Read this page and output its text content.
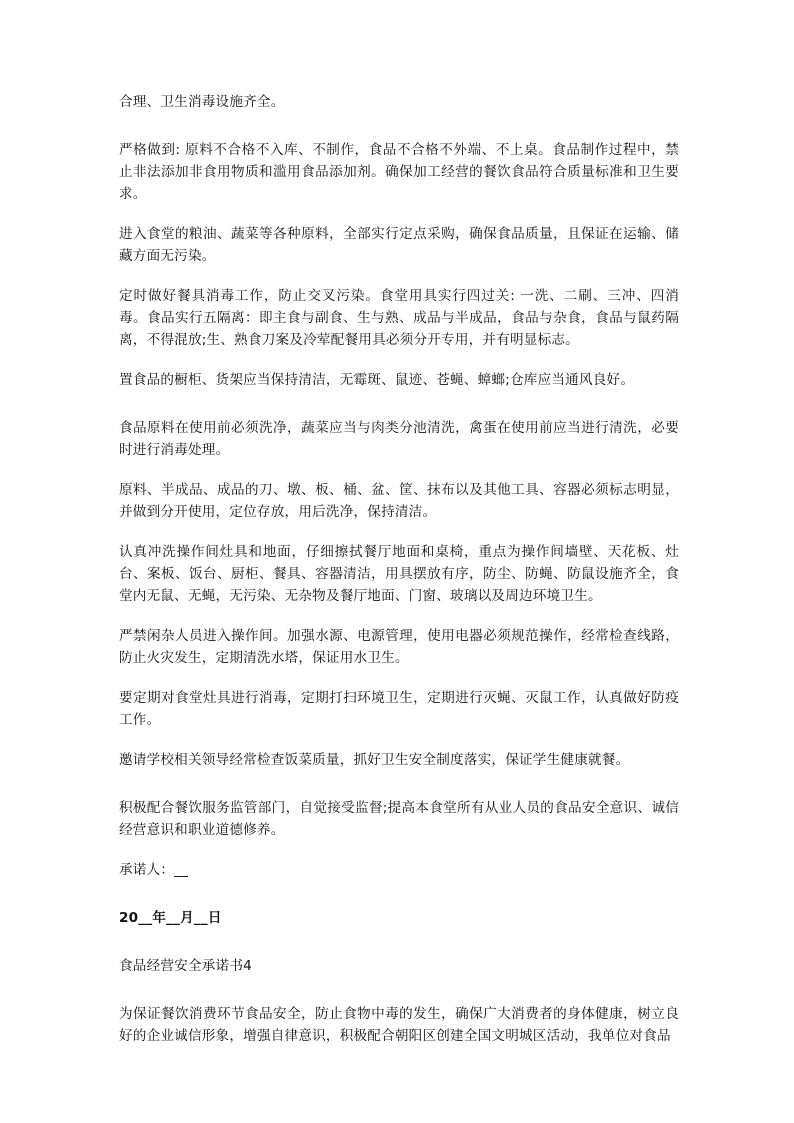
合理、卫生消毒设施齐全。

严格做到: 原料不合格不入库、不制作，食品不合格不外端、不上桌。食品制作过程中，禁止非法添加非食用物质和滥用食品添加剂。确保加工经营的餐饮食品符合质量标准和卫生要求。

进入食堂的粮油、蔬菜等各种原料，全部实行定点采购，确保食品质量，且保证在运输、储藏方面无污染。

定时做好餐具消毒工作，防止交叉污染。食堂用具实行四过关: 一洗、二刷、三冲、四消毒。食品实行五隔离：即主食与副食、生与熟、成品与半成品，食品与杂食，食品与鼠药隔离，不得混放;生、熟食刀案及冷荤配餐用具必须分开专用，并有明显标志。

置食品的橱柜、货架应当保持清洁，无霉斑、鼠迹、苍蝇、蟑螂;仓库应当通风良好。

食品原料在使用前必须洗净，蔬菜应当与肉类分池清洗，禽蛋在使用前应当进行清洗，必要时进行消毒处理。

原料、半成品、成品的刀、墩、板、桶、盆、筐、抹布以及其他工具、容器必须标志明显，并做到分开使用，定位存放，用后洗净，保持清洁。

认真冲洗操作间灶具和地面，仔细擦拭餐厅地面和桌椅，重点为操作间墙壁、天花板、灶台、案板、饭台、厨柜、餐具、容器清洁，用具摆放有序，防尘、防蝇、防鼠设施齐全，食堂内无鼠、无蝇，无污染、无杂物及餐厅地面、门窗、玻璃以及周边环境卫生。

严禁闲杂人员进入操作间。加强水源、电源管理，使用电器必须规范操作，经常检查线路，防止火灾发生，定期清洗水塔，保证用水卫生。

要定期对食堂灶具进行消毒，定期打扫环境卫生，定期进行灭蝇、灭鼠工作，认真做好防疫工作。

邀请学校相关领导经常检查饭菜质量，抓好卫生安全制度落实，保证学生健康就餐。

积极配合餐饮服务监管部门，自觉接受监督;提高本食堂所有从业人员的食品安全意识、诚信经营意识和职业道德修养。

承诺人：__

20__年__月__日

食品经营安全承诺书4

为保证餐饮消费环节食品安全，防止食物中毒的发生，确保广大消费者的身体健康，树立良好的企业诚信形象，增强自律意识，积极配合朝阳区创建全国文明城区活动，我单位对食品
